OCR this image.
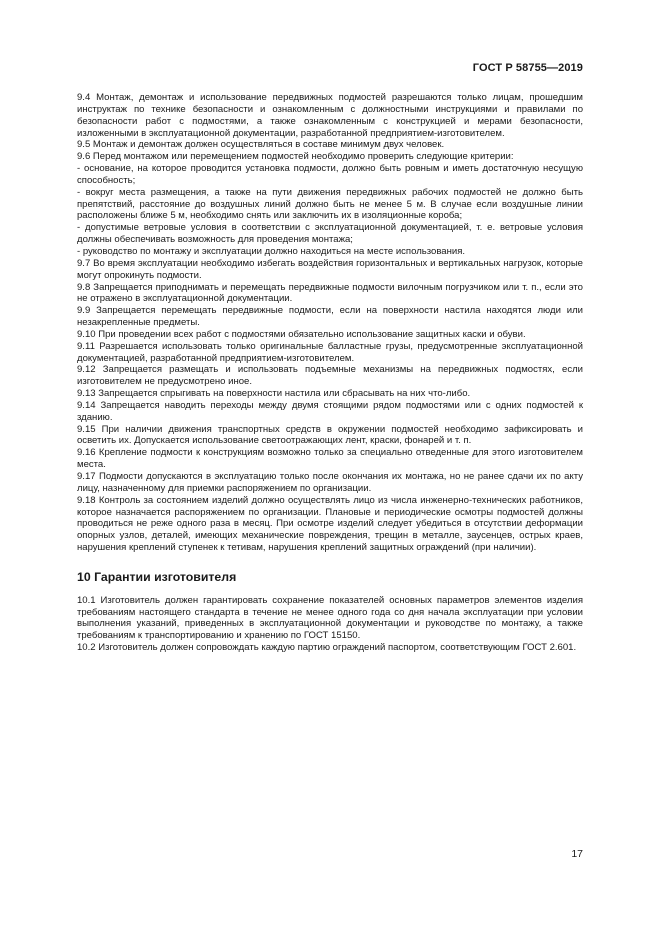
ГОСТ Р 58755—2019

9.4 Монтаж, демонтаж и использование передвижных подмостей разрешаются только лицам, прошедшим инструктаж по технике безопасности и ознакомленным с должностными инструкциями и правилами по безопасности работ с подмостями, а также ознакомленным с конструкцией и мерами безопасности, изложенными в эксплуатационной документации, разработанной предприятием-изготовителем.

9.5 Монтаж и демонтаж должен осуществляться в составе минимум двух человек.

9.6 Перед монтажом или перемещением подмостей необходимо проверить следующие критерии:

- основание, на которое проводится установка подмости, должно быть ровным и иметь достаточную несущую способность;

- вокруг места размещения, а также на пути движения передвижных рабочих подмостей не должно быть препятствий, расстояние до воздушных линий должно быть не менее 5 м. В случае если воздушные линии расположены ближе 5 м, необходимо снять или заключить их в изоляционные короба;

- допустимые ветровые условия в соответствии с эксплуатационной документацией, т. е. ветровые условия должны обеспечивать возможность для проведения монтажа;

- руководство по монтажу и эксплуатации должно находиться на месте использования.

9.7 Во время эксплуатации необходимо избегать воздействия горизонтальных и вертикальных нагрузок, которые могут опрокинуть подмости.

9.8 Запрещается приподнимать и перемещать передвижные подмости вилочным погрузчиком или т. п., если это не отражено в эксплуатационной документации.

9.9 Запрещается перемещать передвижные подмости, если на поверхности настила находятся люди или незакрепленные предметы.

9.10 При проведении всех работ с подмостями обязательно использование защитных каски и обуви.

9.11 Разрешается использовать только оригинальные балластные грузы, предусмотренные эксплуатационной документацией, разработанной предприятием-изготовителем.

9.12 Запрещается размещать и использовать подъемные механизмы на передвижных подмостях, если изготовителем не предусмотрено иное.

9.13 Запрещается спрыгивать на поверхности настила или сбрасывать на них что-либо.

9.14 Запрещается наводить переходы между двумя стоящими рядом подмостями или с одних подмостей к зданию.

9.15 При наличии движения транспортных средств в окружении подмостей необходимо зафиксировать и осветить их. Допускается использование светоотражающих лент, краски, фонарей и т. п.

9.16 Крепление подмости к конструкциям возможно только за специально отведенные для этого изготовителем места.

9.17 Подмости допускаются в эксплуатацию только после окончания их монтажа, но не ранее сдачи их по акту лицу, назначенному для приемки распоряжением по организации.

9.18 Контроль за состоянием изделий должно осуществлять лицо из числа инженерно-технических работников, которое назначается распоряжением по организации. Плановые и периодические осмотры подмостей должны проводиться не реже одного раза в месяц. При осмотре изделий следует убедиться в отсутствии деформации опорных узлов, деталей, имеющих механические повреждения, трещин в металле, заусенцев, острых краев, нарушения креплений ступенек к тетивам, нарушения креплений защитных ограждений (при наличии).

10 Гарантии изготовителя

10.1 Изготовитель должен гарантировать сохранение показателей основных параметров элементов изделия требованиям настоящего стандарта в течение не менее одного года со дня начала эксплуатации при условии выполнения указаний, приведенных в эксплуатационной документации и руководстве по монтажу, а также требованиям к транспортированию и хранению по ГОСТ 15150.

10.2 Изготовитель должен сопровождать каждую партию ограждений паспортом, соответствующим ГОСТ 2.601.

17
